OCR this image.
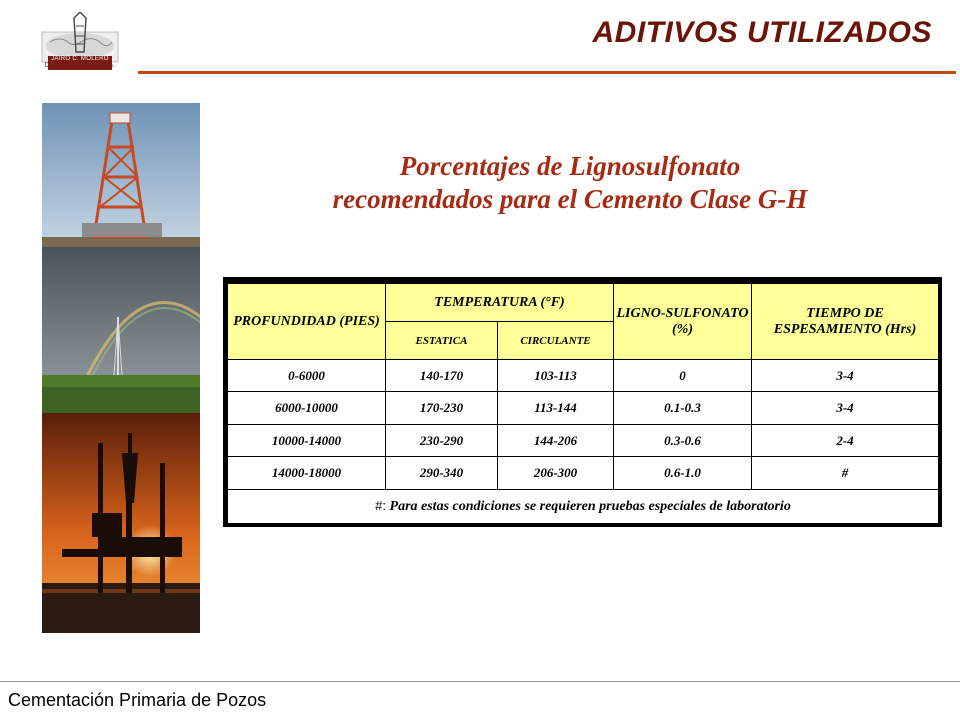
JAIRO C. MOLERO
Drilling Consulting, C.A.
ADITIVOS UTILIZADOS
Porcentajes de Lignosulfonato
recomendados para el Cemento Clase G-H
PROFUNDIDAD (PIES)	TEMPERATURA (°F)		LIGNO-SULFONATO (%)	TIEMPO DE ESPESAMIENTO (Hrs)
	ESTATICA	CIRCULANTE		
0-6000	140-170	103-113	0	3-4
6000-10000	170-230	113-144	0.1-0.3	3-4
10000-14000	230-290	144-206	0.3-0.6	2-4
14000-18000	290-340	206-300	0.6-1.0	#
#: Para estas condiciones se requieren pruebas especiales de laboratorio				
Cementación Primaria de Pozos
